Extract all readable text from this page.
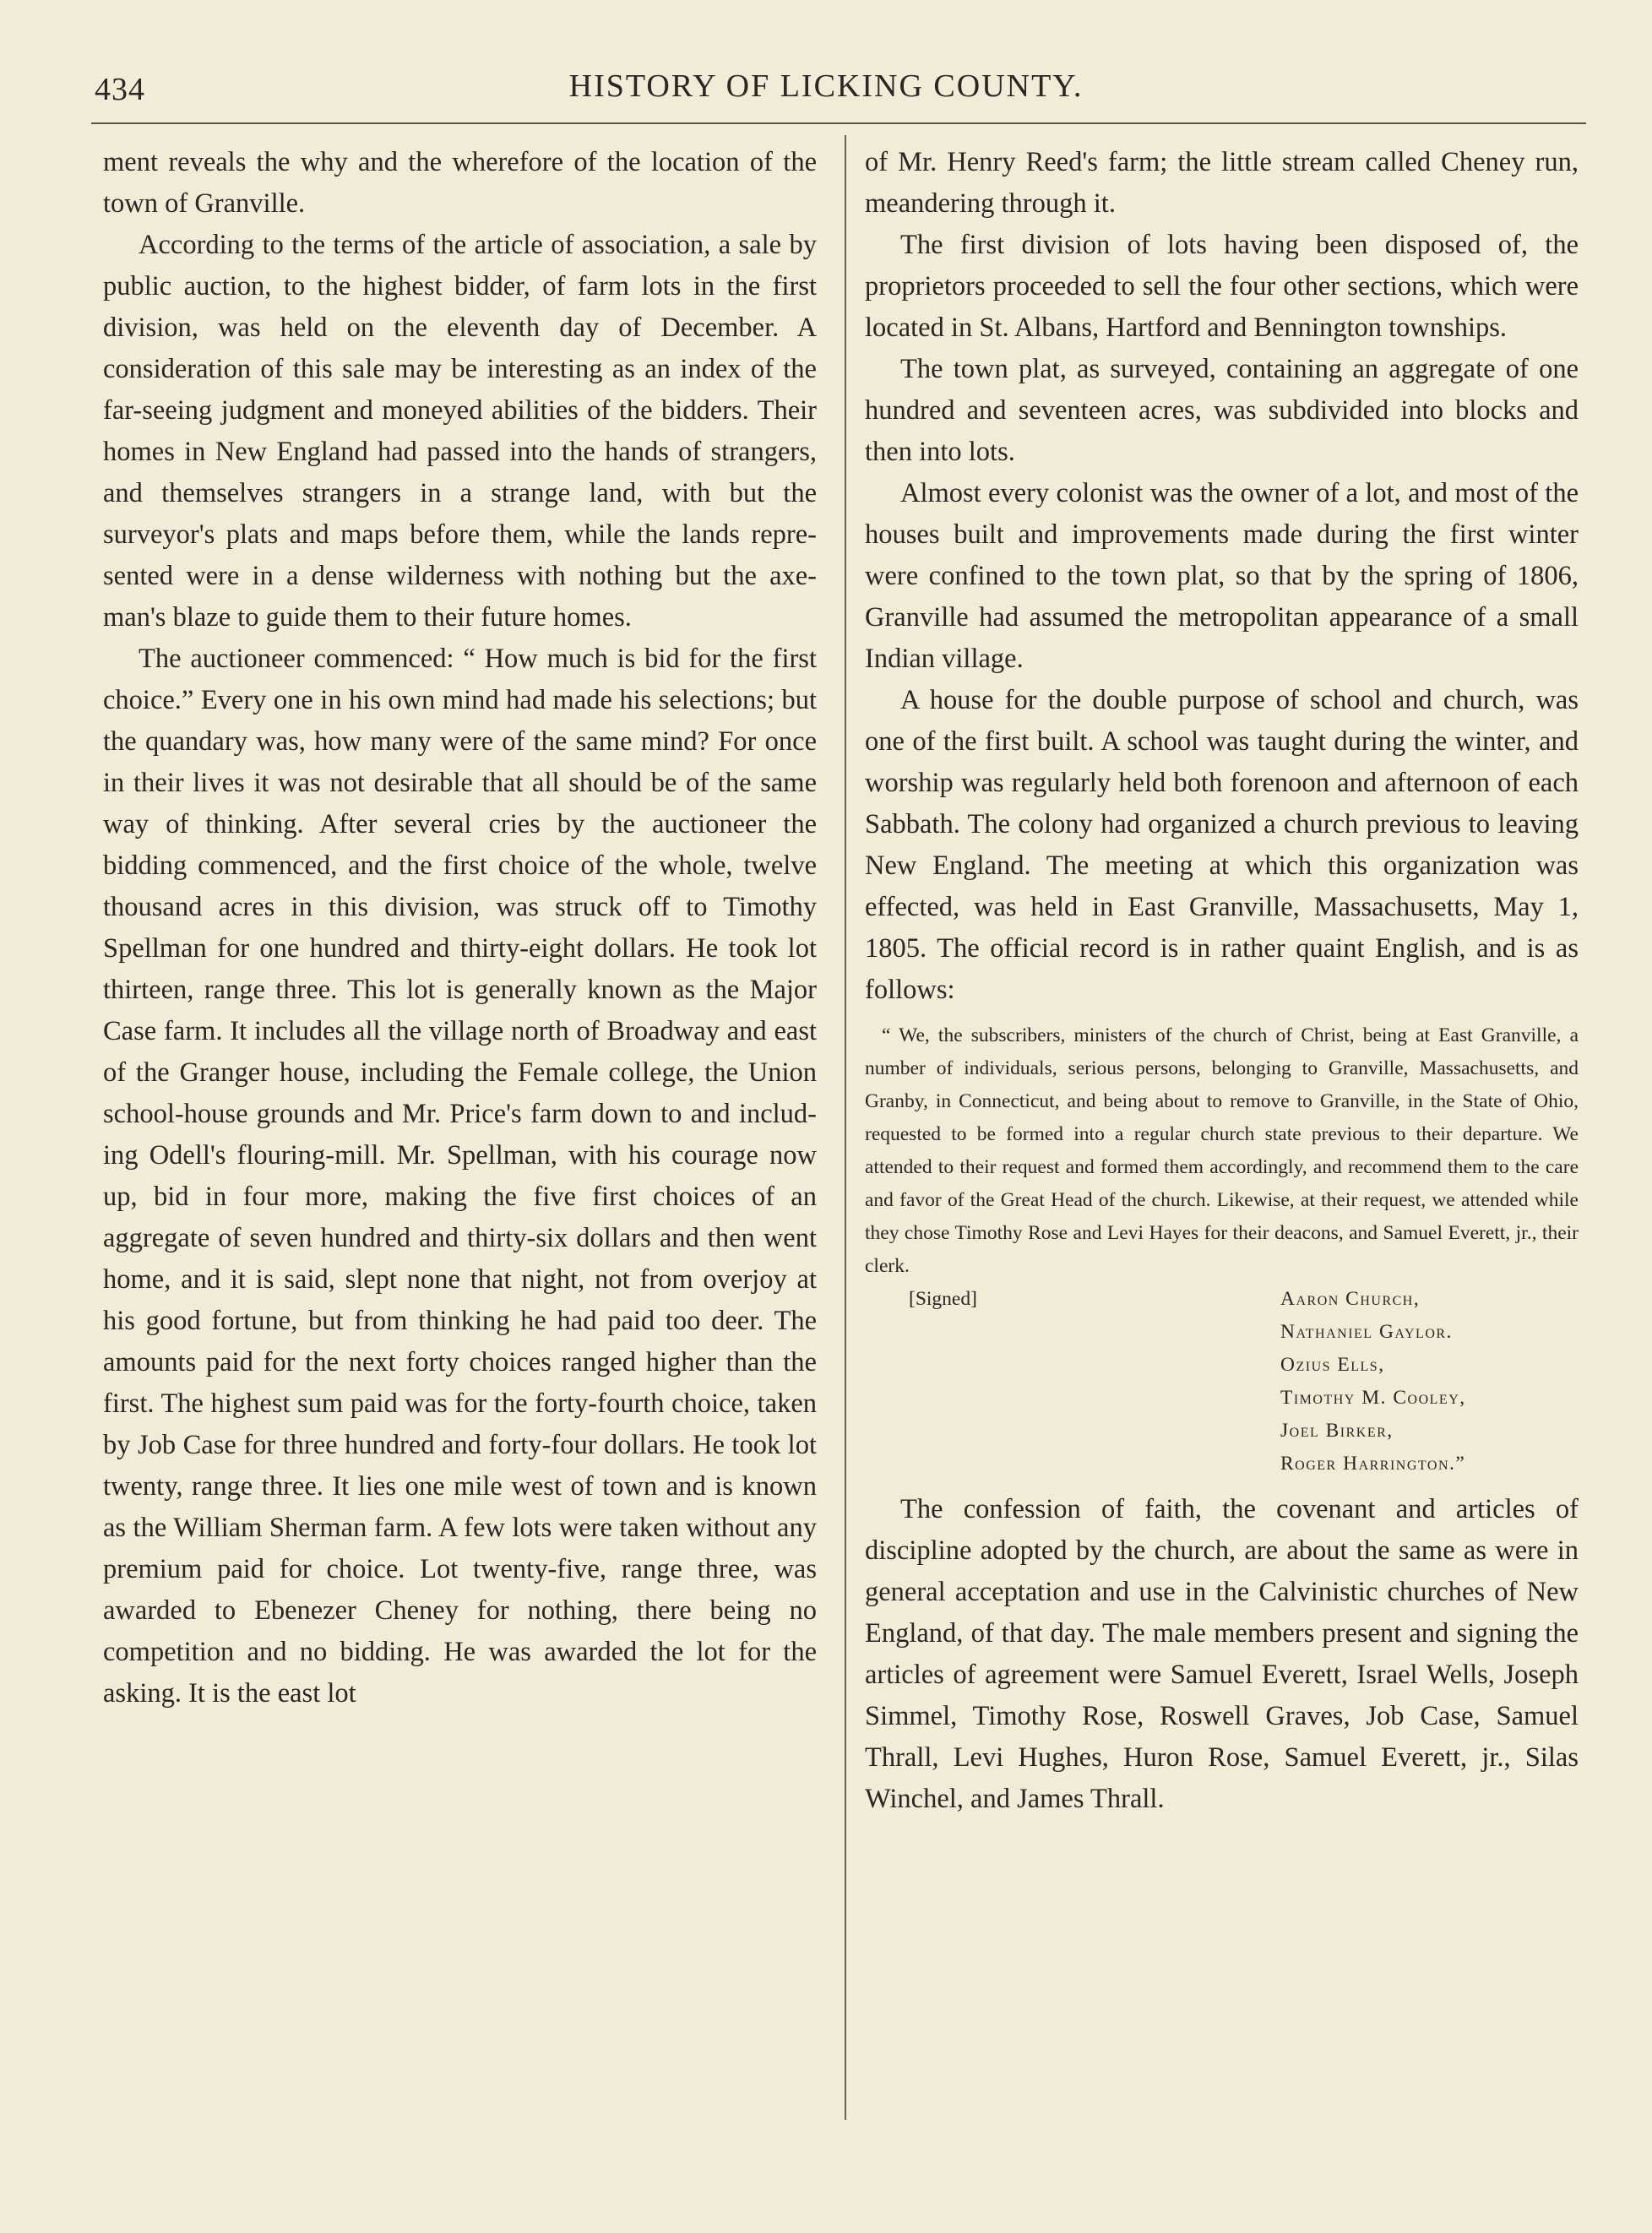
434	HISTORY OF LICKING COUNTY.

ment reveals the why and the wherefore of the location of the town of Granville.

According to the terms of the article of association, a sale by public auction, to the highest bidder, of farm lots in the first division, was held on the eleventh day of December. A consideration of this sale may be interesting as an index of the far-seeing judgment and moneyed abilities of the bidders. Their homes in New England had passed into the hands of strangers, and themselves strangers in a strange land, with but the surveyor's plats and maps before them, while the lands represented were in a dense wilderness with nothing but the axe-man's blaze to guide them to their future homes.

The auctioneer commenced: “ How much is bid for the first choice.” Every one in his own mind had made his selections; but the quandary was, how many were of the same mind? For once in their lives it was not desirable that all should be of the same way of thinking. After several cries by the auctioneer the bidding commenced, and the first choice of the whole, twelve thousand acres in this division, was struck off to Timothy Spellman for one hundred and thirty-eight dollars. He took lot thirteen, range three. This lot is generally known as the Major Case farm. It includes all the village north of Broadway and east of the Granger house, including the Female college, the Union school-house grounds and Mr. Price's farm down to and including Odell's flouring-mill. Mr. Spellman, with his courage now up, bid in four more, making the five first choices of an aggregate of seven hundred and thirty-six dollars and then went home, and it is said, slept none that night, not from overjoy at his good fortune, but from thinking he had paid too deer. The amounts paid for the next forty choices ranged higher than the first. The highest sum paid was for the forty-fourth choice, taken by Job Case for three hundred and forty-four dollars. He took lot twenty, range three. It lies one mile west of town and is known as the William Sherman farm. A few lots were taken without any premium paid for choice. Lot twenty-five, range three, was awarded to Ebenezer Cheney for nothing, there being no competition and no bidding. He was awarded the lot for the asking. It is the east lot

of Mr. Henry Reed's farm; the little stream called Cheney run, meandering through it.

The first division of lots having been disposed of, the proprietors proceeded to sell the four other sections, which were located in St. Albans, Hartford and Bennington townships.

The town plat, as surveyed, containing an aggregate of one hundred and seventeen acres, was subdivided into blocks and then into lots.

Almost every colonist was the owner of a lot, and most of the houses built and improvements made during the first winter were confined to the town plat, so that by the spring of 1806, Granville had assumed the metropolitan appearance of a small Indian village.

A house for the double purpose of school and church, was one of the first built. A school was taught during the winter, and worship was regularly held both forenoon and afternoon of each Sabbath. The colony had organized a church previous to leaving New England. The meeting at which this organization was effected, was held in East Granville, Massachusetts, May 1, 1805. The official record is in rather quaint English, and is as follows:

“ We, the subscribers, ministers of the church of Christ, being at East Granville, a number of individuals, serious persons, belonging to Granville, Massachusetts, and Granby, in Connecticut, and being about to remove to Granville, in the State of Ohio, requested to be formed into a regular church state previous to their departure. We attended to their request and formed them accordingly, and recommend them to the care and favor of the Great Head of the church. Likewise, at their request, we attended while they chose Timothy Rose and Levi Hayes for their deacons, and Samuel Everett, jr., their clerk.

[Signed]	Aaron Church,
Nathaniel Gaylor.
Ozius Ells,
Timothy M. Cooley,
Joel Birker,
Roger Harrington.”

The confession of faith, the covenant and articles of discipline adopted by the church, are about the same as were in general acceptation and use in the Calvinistic churches of New England, of that day. The male members present and signing the articles of agreement were Samuel Everett, Israel Wells, Joseph Simmel, Timothy Rose, Roswell Graves, Job Case, Samuel Thrall, Levi Hughes, Huron Rose, Samuel Everett, jr., Silas Winchel, and James Thrall.
